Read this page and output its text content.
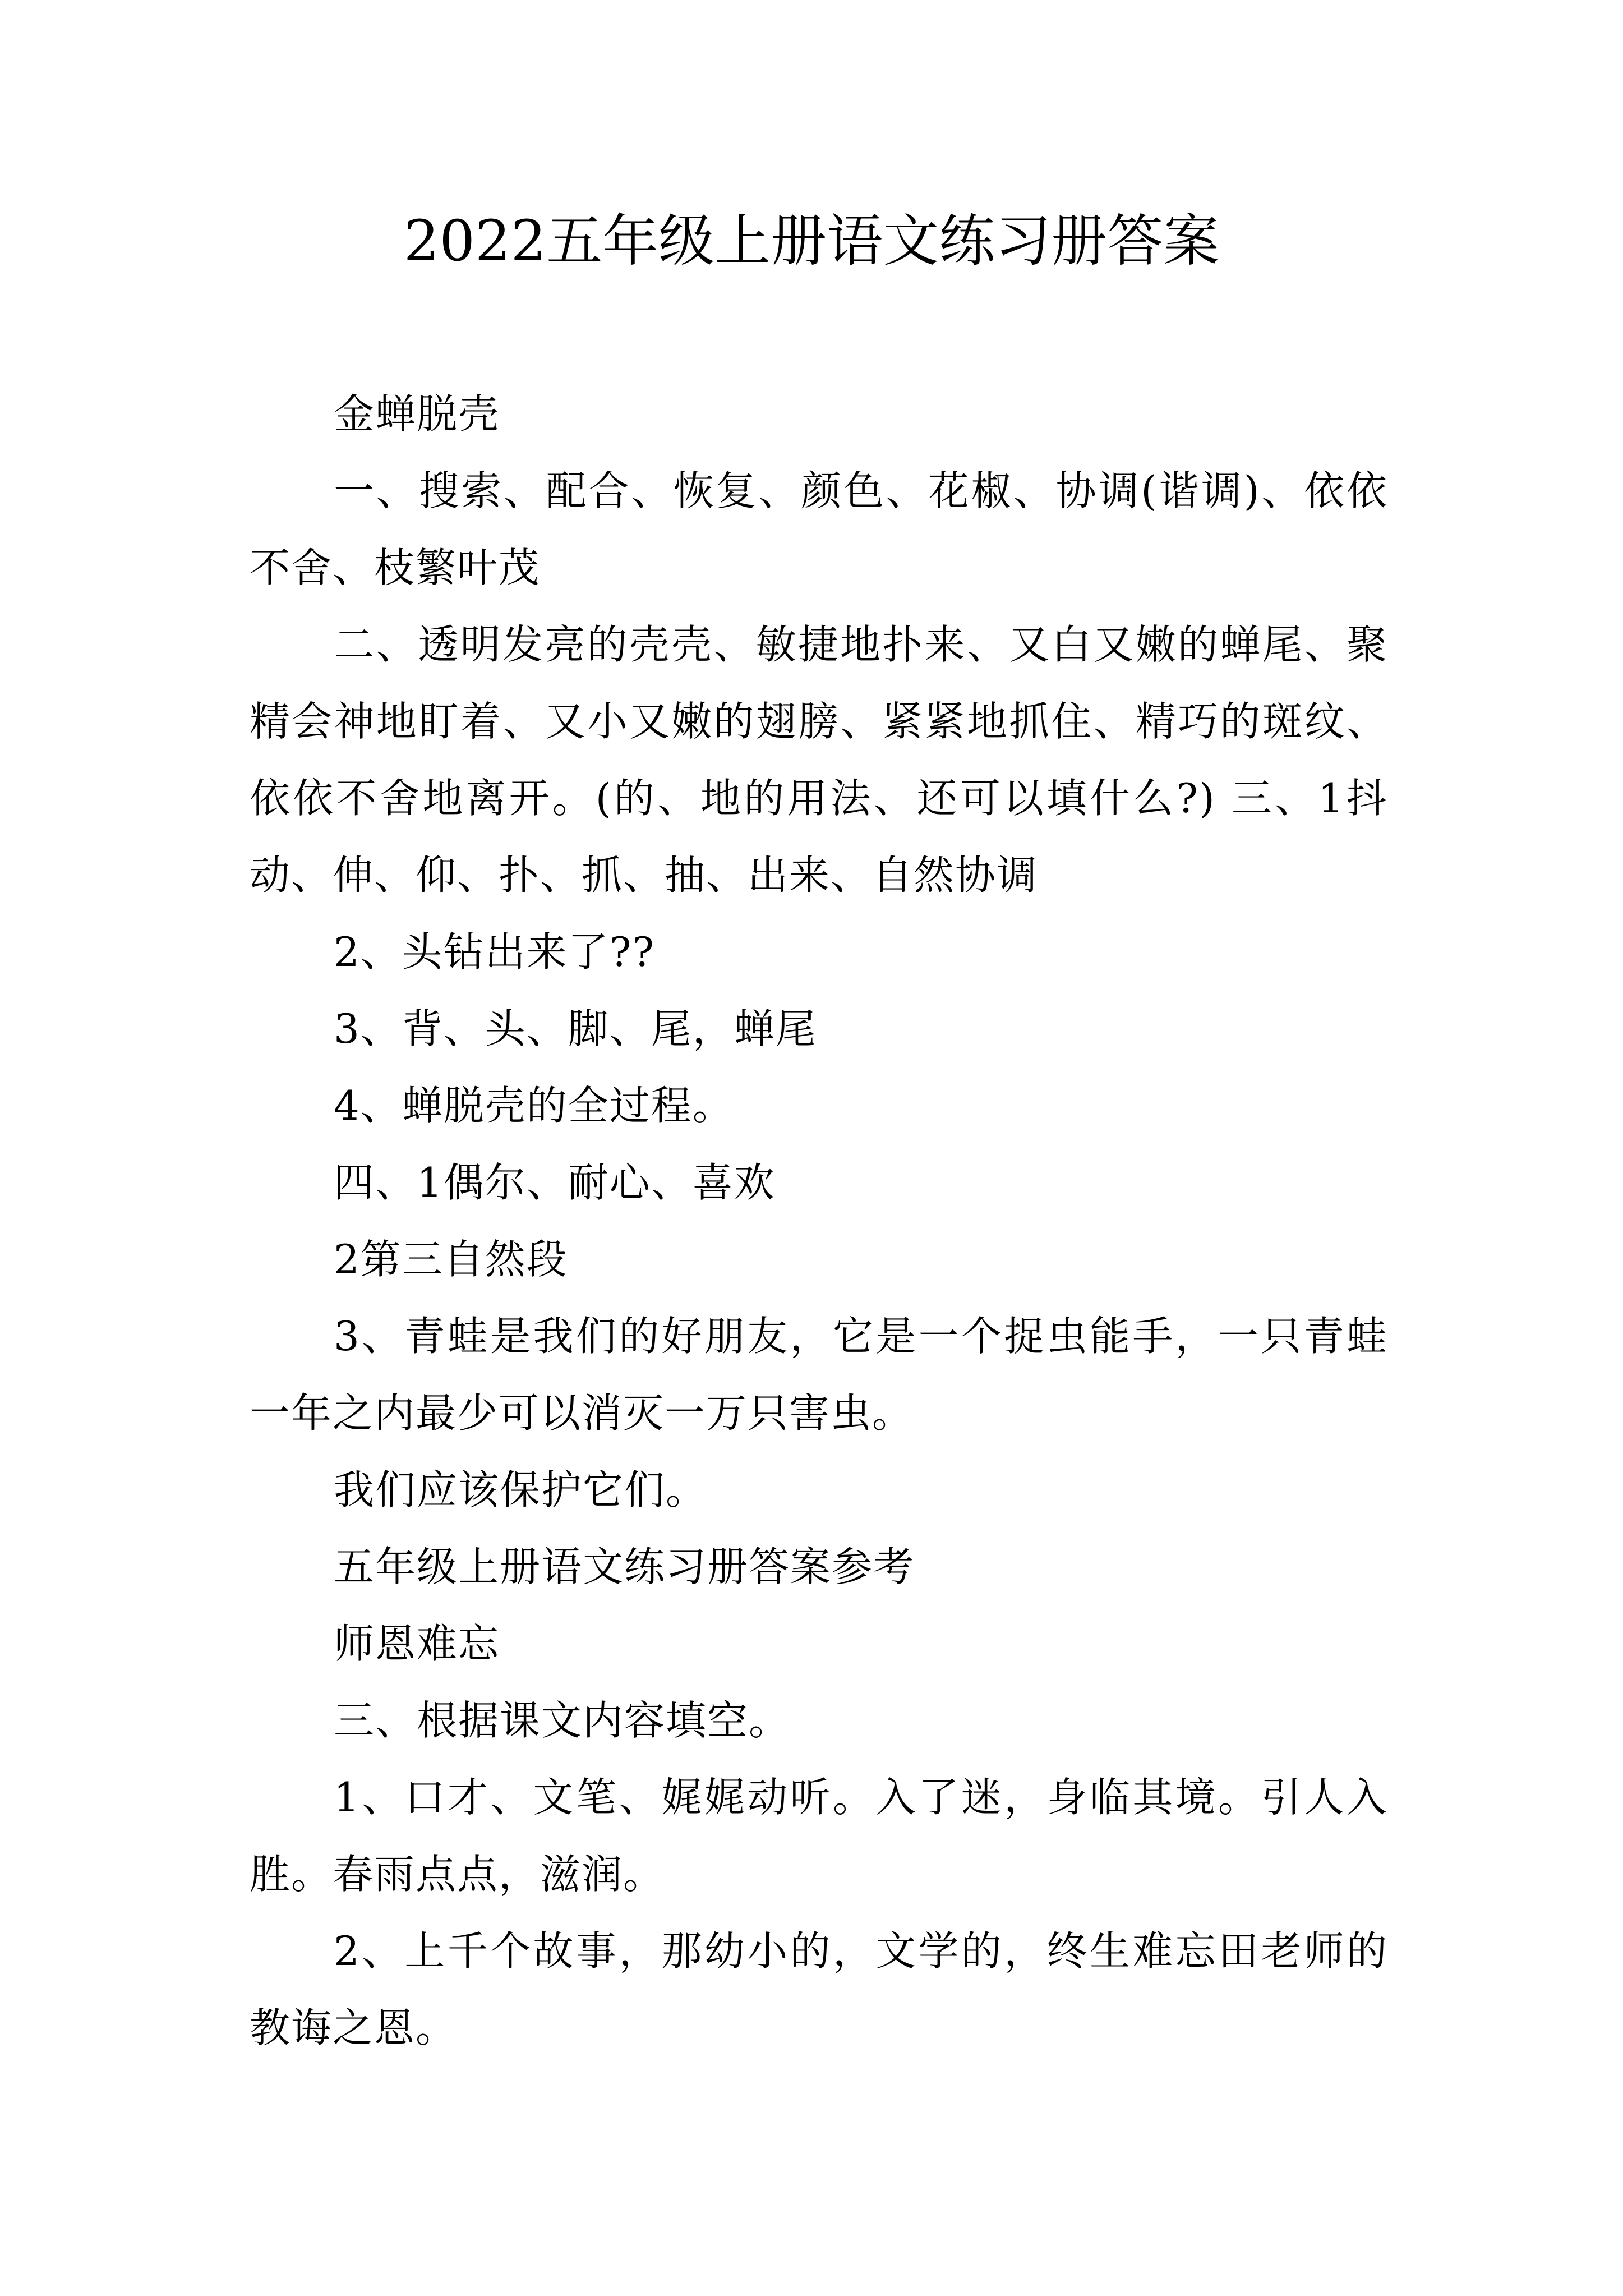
2022五年级上册语文练习册答案

金蝉脱壳

一、搜索、配合、恢复、颜色、花椒、协调(谐调)、依依不舍、枝繁叶茂

二、透明发亮的壳壳、敏捷地扑来、又白又嫩的蝉尾、聚精会神地盯着、又小又嫩的翅膀、紧紧地抓住、精巧的斑纹、依依不舍地离开。(的、地的用法、还可以填什么?) 三、1抖动、伸、仰、扑、抓、抽、出来、自然协调

2、头钻出来了??

3、背、头、脚、尾，蝉尾

4、蝉脱壳的全过程。

四、1偶尔、耐心、喜欢

2第三自然段

3、青蛙是我们的好朋友，它是一个捉虫能手，一只青蛙一年之内最少可以消灭一万只害虫。

我们应该保护它们。

五年级上册语文练习册答案参考

师恩难忘

三、根据课文内容填空。

1、口才、文笔、娓娓动听。入了迷，身临其境。引人入胜。春雨点点，滋润。

2、上千个故事，那幼小的，文学的，终生难忘田老师的教诲之恩。
